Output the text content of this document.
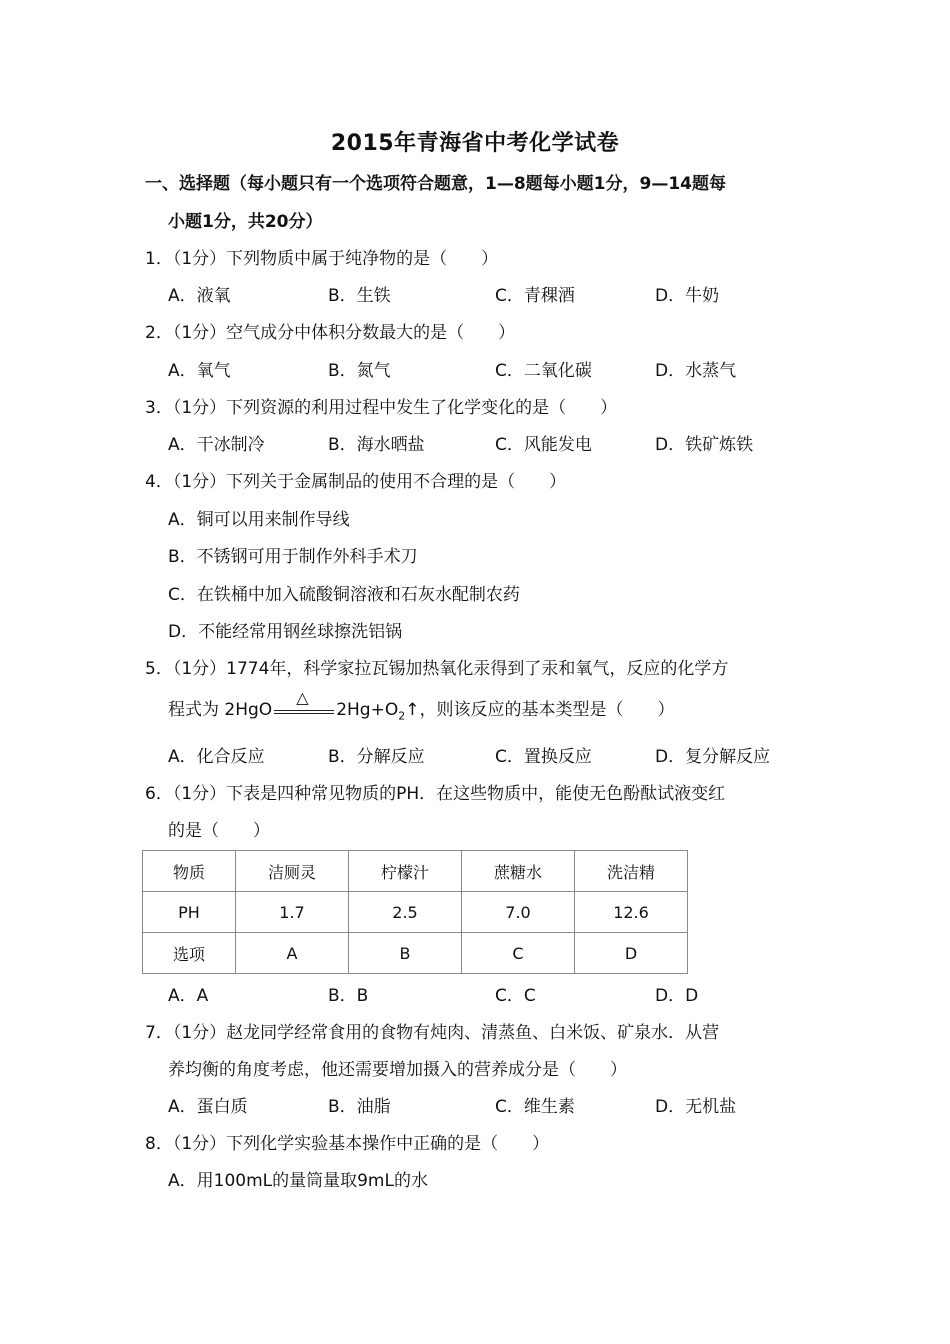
2015年青海省中考化学试卷
一、选择题（每小题只有一个选项符合题意，1—8题每小题1分，9—14题每
小题1分，共20分）
1．（1分）下列物质中属于纯净物的是（　　）
A．液氧	B．生铁	C．青稞酒	D．牛奶
2．（1分）空气成分中体积分数最大的是（　　）
A．氧气	B．氮气	C．二氧化碳	D．水蒸气
3．（1分）下列资源的利用过程中发生了化学变化的是（　　）
A．干冰制冷	B．海水晒盐	C．风能发电	D．铁矿炼铁
4．（1分）下列关于金属制品的使用不合理的是（　　）
A．铜可以用来制作导线
B．不锈钢可用于制作外科手术刀
C．在铁桶中加入硫酸铜溶液和石灰水配制农药
D．不能经常用钢丝球擦洗铝锅
5．（1分）1774年，科学家拉瓦锡加热氧化汞得到了汞和氧气，反应的化学方
程式为 2HgO
△
$2Hg+O_2↑$，则该反应的基本类型是（　　）
A．化合反应	B．分解反应	C．置换反应	D．复分解反应
6．（1分）下表是四种常见物质的PH．在这些物质中，能使无色酚酞试液变红
的是（　　）
物质	洁厕灵	柠檬汁	蔗糖水	洗洁精
PH	1.7	2.5	7.0	12.6
选项	A	B	C	D
A．A	B．B	C．C	D．D
7．（1分）赵龙同学经常食用的食物有炖肉、清蒸鱼、白米饭、矿泉水．从营
养均衡的角度考虑，他还需要增加摄入的营养成分是（　　）
A．蛋白质	B．油脂	C．维生素	D．无机盐
8．（1分）下列化学实验基本操作中正确的是（　　）
A．用100mL的量筒量取9mL的水
